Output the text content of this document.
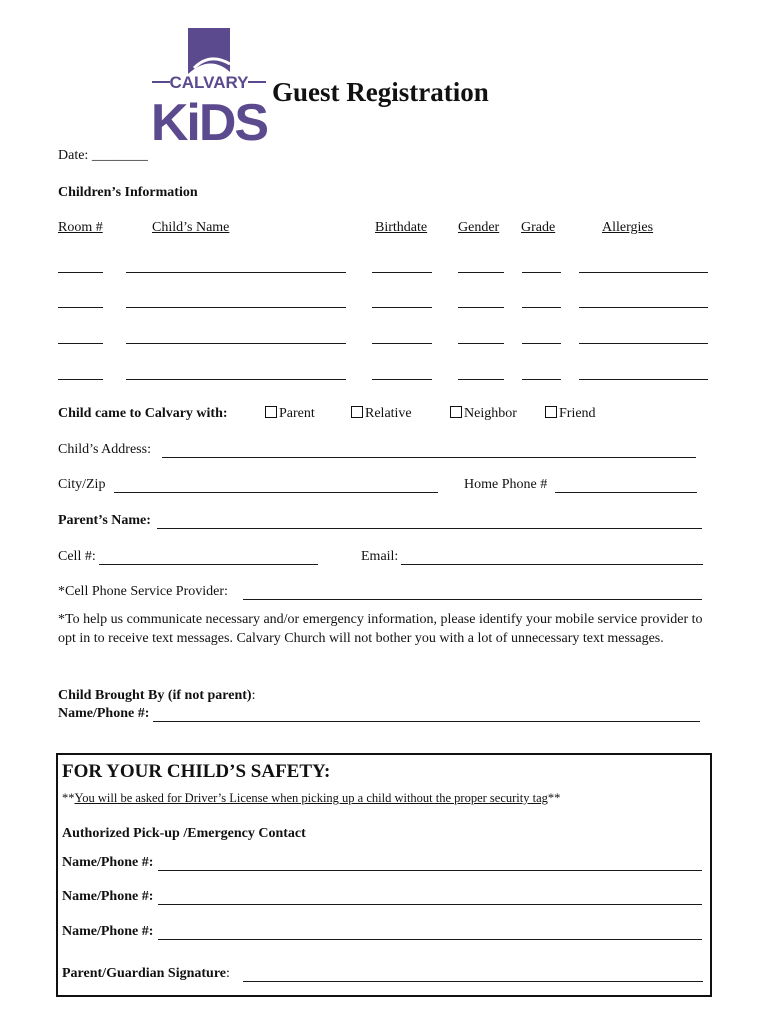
CALVARY
KiDS
Guest Registration
Date: ________
Children’s Information
Room #	Child’s Name	Birthdate Gender Grade	Allergies
Child came to Calvary with:	Parent	Relative	Neighbor	Friend
Child’s Address:
City/Zip	Home Phone #
Parent’s Name:
Cell #:	Email:
*Cell Phone Service Provider:
*To help us communicate necessary and/or emergency information, please identify your mobile service provider to opt in to receive text messages. Calvary Church will not bother you with a lot of unnecessary text messages.
Child Brought By (if not parent):
Name/Phone #:
FOR YOUR CHILD’S SAFETY:
**You will be asked for Driver’s License when picking up a child without the proper security tag**
Authorized Pick-up /Emergency Contact
Name/Phone #:
Name/Phone #:
Name/Phone #:
Parent/Guardian Signature:
